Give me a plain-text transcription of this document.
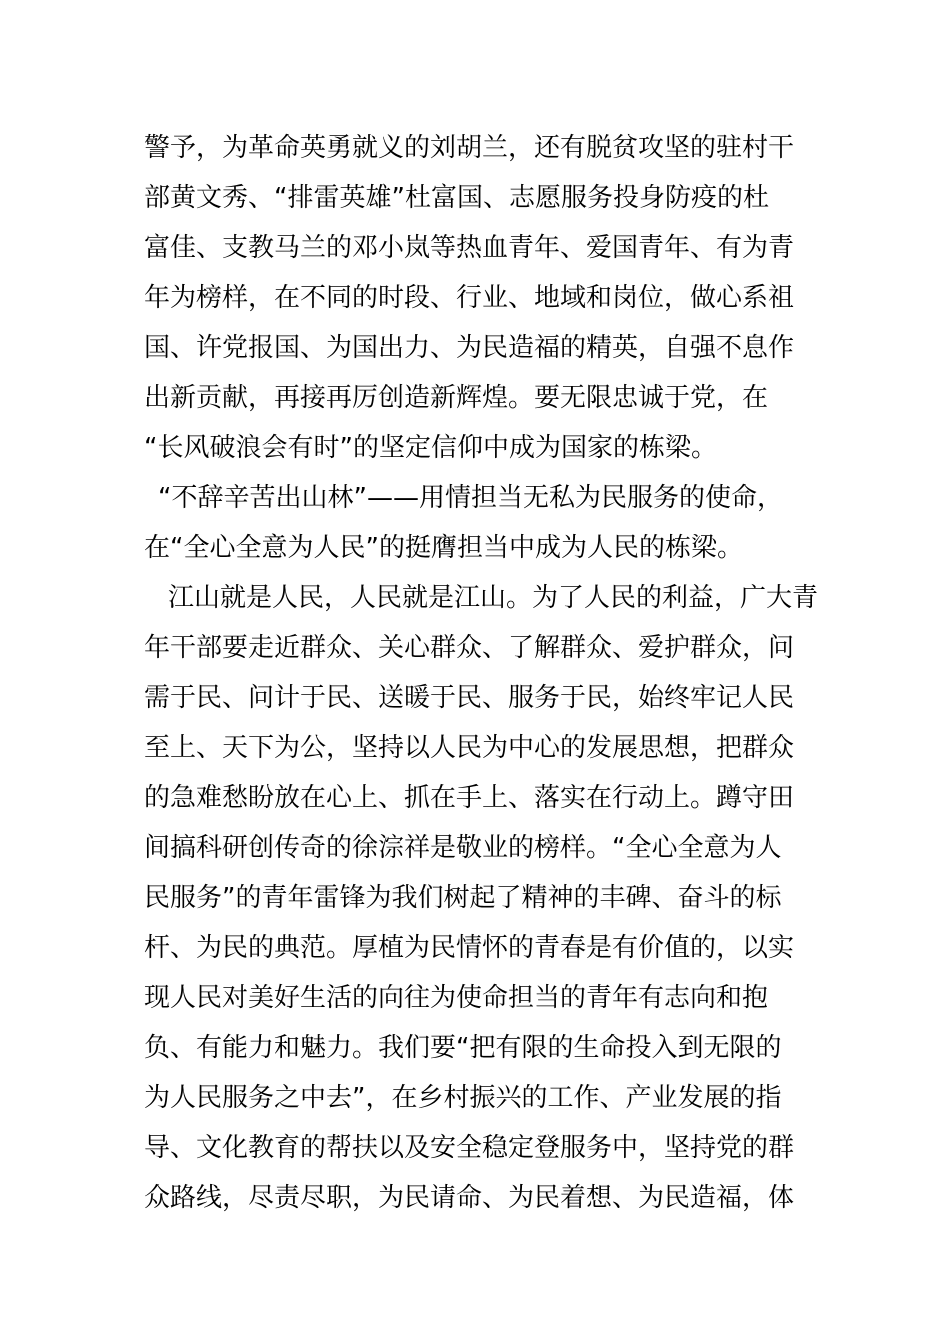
警予，为革命英勇就义的刘胡兰，还有脱贫攻坚的驻村干
部黄文秀、“排雷英雄”杜富国、志愿服务投身防疫的杜
富佳、支教马兰的邓小岚等热血青年、爱国青年、有为青
年为榜样，在不同的时段、行业、地域和岗位，做心系祖
国、许党报国、为国出力、为民造福的精英，自强不息作
出新贡献，再接再厉创造新辉煌。要无限忠诚于党，在
“长风破浪会有时”的坚定信仰中成为国家的栋梁。
“不辞辛苦出山林”——用情担当无私为民服务的使命，
在“全心全意为人民”的挺膺担当中成为人民的栋梁。
江山就是人民，人民就是江山。为了人民的利益，广大青
年干部要走近群众、关心群众、了解群众、爱护群众，问
需于民、问计于民、送暖于民、服务于民，始终牢记人民
至上、天下为公，坚持以人民为中心的发展思想，把群众
的急难愁盼放在心上、抓在手上、落实在行动上。蹲守田
间搞科研创传奇的徐淙祥是敬业的榜样。“全心全意为人
民服务”的青年雷锋为我们树起了精神的丰碑、奋斗的标
杆、为民的典范。厚植为民情怀的青春是有价值的，以实
现人民对美好生活的向往为使命担当的青年有志向和抱
负、有能力和魅力。我们要“把有限的生命投入到无限的
为人民服务之中去”，在乡村振兴的工作、产业发展的指
导、文化教育的帮扶以及安全稳定登服务中，坚持党的群
众路线，尽责尽职，为民请命、为民着想、为民造福，体
